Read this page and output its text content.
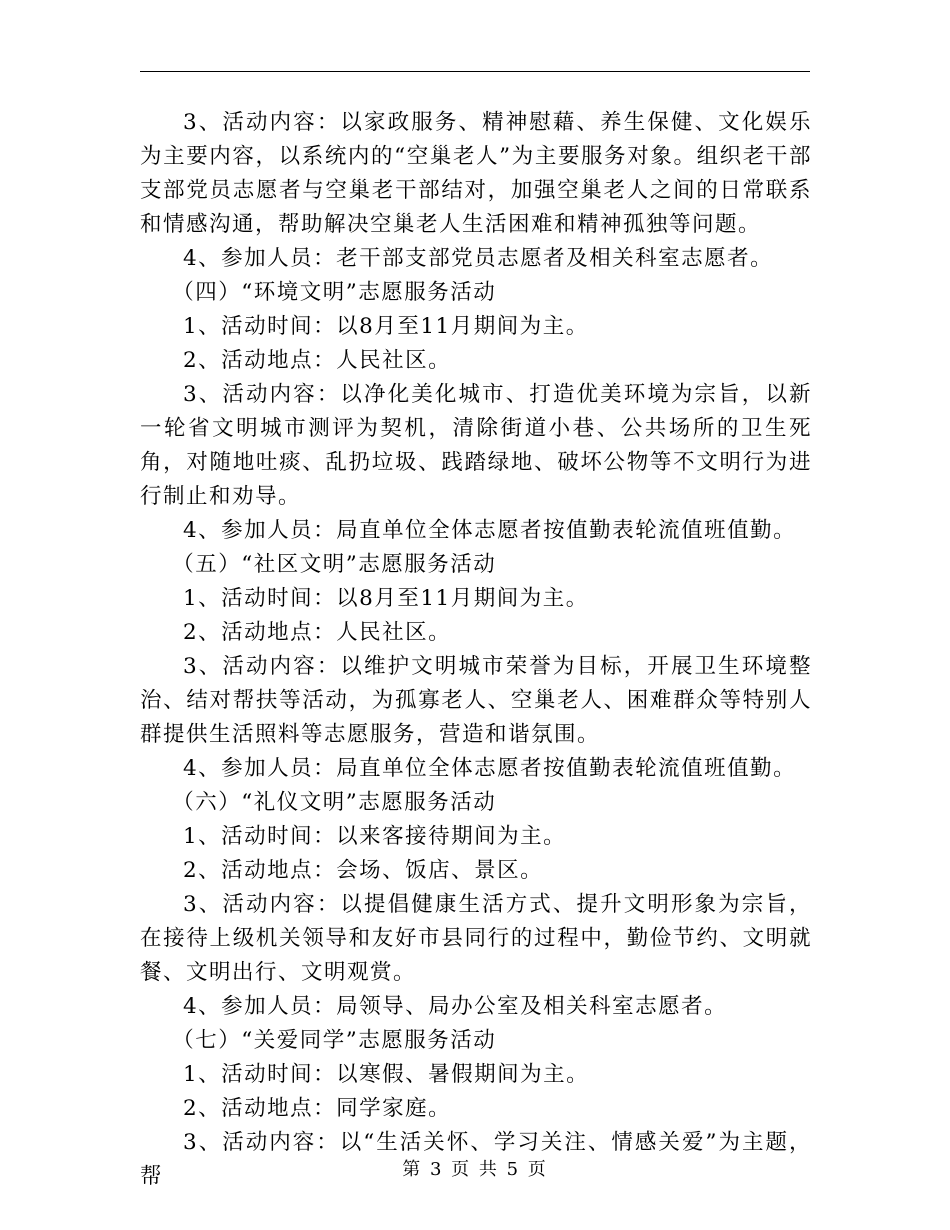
3、活动内容：以家政服务、精神慰藉、养生保健、文化娱乐为主要内容，以系统内的“空巢老人”为主要服务对象。组织老干部支部党员志愿者与空巢老干部结对，加强空巢老人之间的日常联系和情感沟通，帮助解决空巢老人生活困难和精神孤独等问题。

4、参加人员：老干部支部党员志愿者及相关科室志愿者。

（四）“环境文明”志愿服务活动

1、活动时间：以8月至11月期间为主。

2、活动地点：人民社区。

3、活动内容：以净化美化城市、打造优美环境为宗旨，以新一轮省文明城市测评为契机，清除街道小巷、公共场所的卫生死角，对随地吐痰、乱扔垃圾、践踏绿地、破坏公物等不文明行为进行制止和劝导。

4、参加人员：局直单位全体志愿者按值勤表轮流值班值勤。

（五）“社区文明”志愿服务活动

1、活动时间：以8月至11月期间为主。

2、活动地点：人民社区。

3、活动内容：以维护文明城市荣誉为目标，开展卫生环境整治、结对帮扶等活动，为孤寡老人、空巢老人、困难群众等特别人群提供生活照料等志愿服务，营造和谐氛围。

4、参加人员：局直单位全体志愿者按值勤表轮流值班值勤。

（六）“礼仪文明”志愿服务活动

1、活动时间：以来客接待期间为主。

2、活动地点：会场、饭店、景区。

3、活动内容：以提倡健康生活方式、提升文明形象为宗旨，在接待上级机关领导和友好市县同行的过程中，勤俭节约、文明就餐、文明出行、文明观赏。

4、参加人员：局领导、局办公室及相关科室志愿者。

（七）“关爱同学”志愿服务活动

1、活动时间：以寒假、暑假期间为主。

2、活动地点：同学家庭。

3、活动内容：以“生活关怀、学习关注、情感关爱”为主题，帮	第 3 页 共 5 页
